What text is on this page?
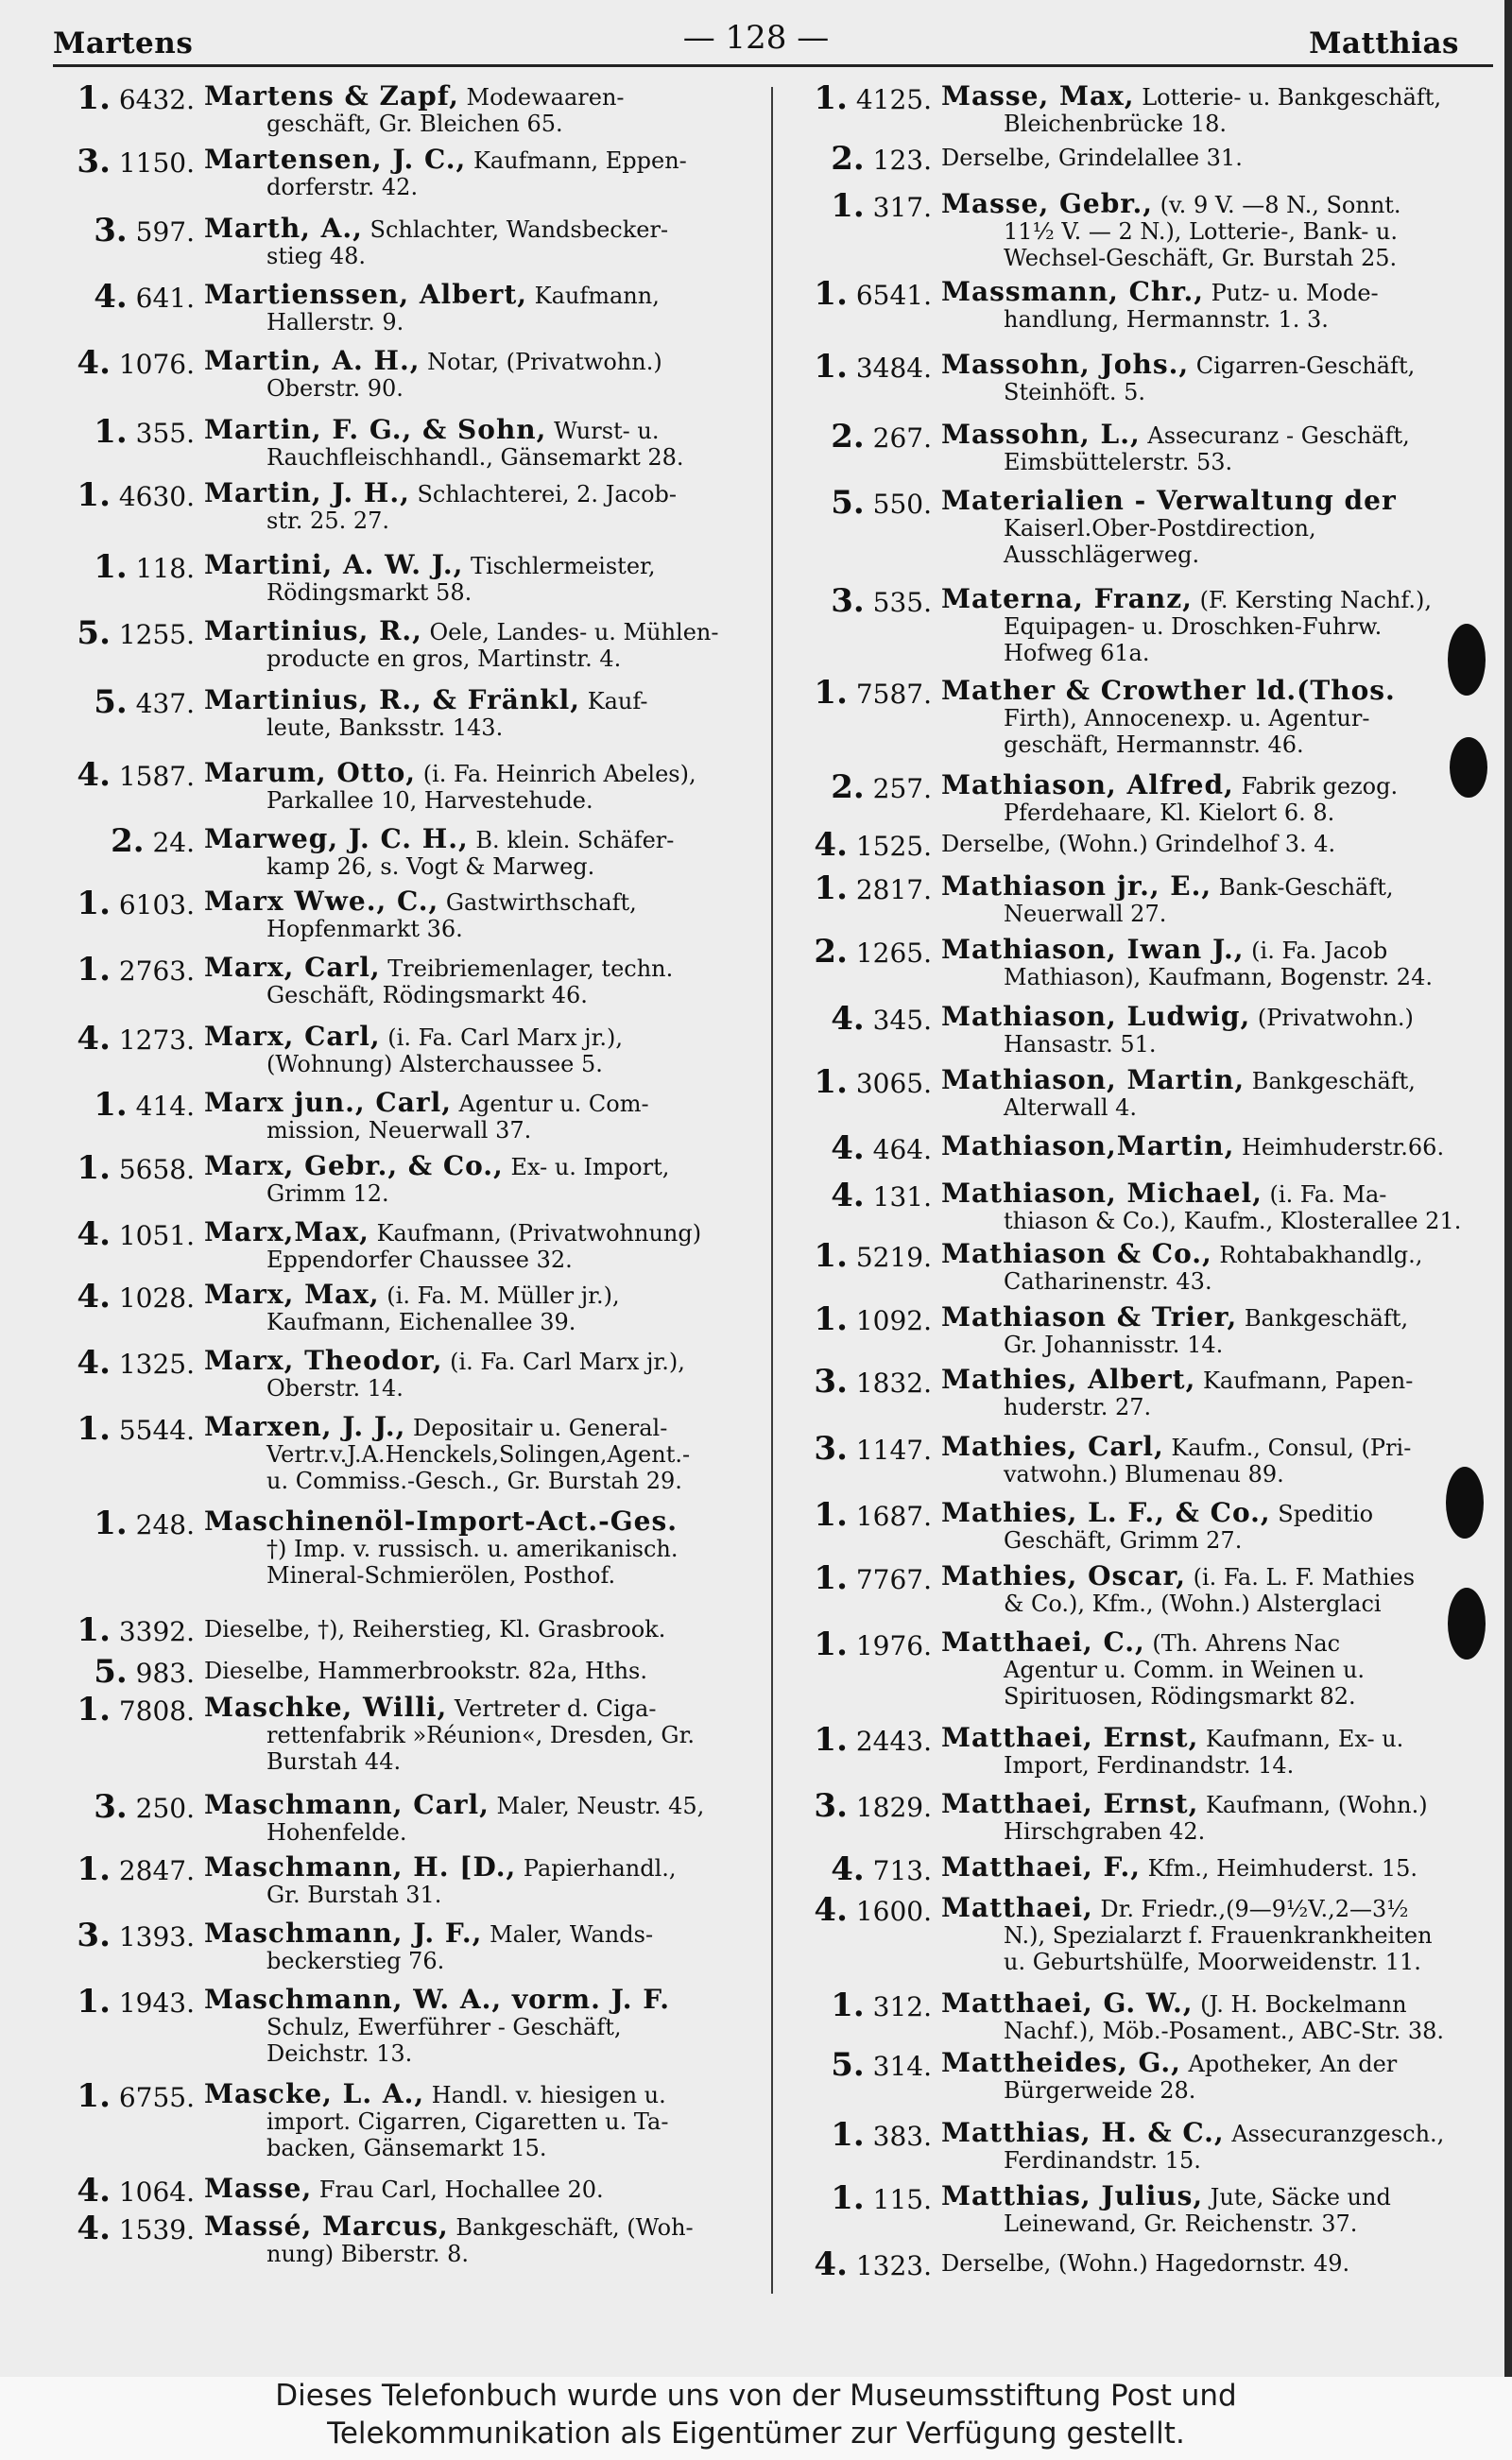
Martens	— 128 —	Matthias
1. 6432. Martens & Zapf, Modewaaren-
geschäft, Gr. Bleichen 65.
3. 1150. Martensen, J. C., Kaufmann, Eppen-
dorferstr. 42.
3. 597. Marth, A., Schlachter, Wandsbecker-
stieg 48.
4. 641. Martienssen, Albert, Kaufmann,
Hallerstr. 9.
4. 1076. Martin, A. H., Notar, (Privatwohn.)
Oberstr. 90.
1. 355. Martin, F. G., & Sohn, Wurst- u.
Rauchfleischhandl., Gänsemarkt 28.
1. 4630. Martin, J. H., Schlachterei, 2. Jacob-
str. 25. 27.
1. 118. Martini, A. W. J., Tischlermeister,
Rödingsmarkt 58.
5. 1255. Martinius, R., Oele, Landes- u. Mühlen-
producte en gros, Martinstr. 4.
5. 437. Martinius, R., & Fränkl, Kauf-
leute, Banksstr. 143.
4. 1587. Marum, Otto, (i. Fa. Heinrich Abeles),
Parkallee 10, Harvestehude.
2. 24. Marweg, J. C. H., B. klein. Schäfer-
kamp 26, s. Vogt & Marweg.
1. 6103. Marx Wwe., C., Gastwirthschaft,
Hopfenmarkt 36.
1. 2763. Marx, Carl, Treibriemenlager, techn.
Geschäft, Rödingsmarkt 46.
4. 1273. Marx, Carl, (i. Fa. Carl Marx jr.),
(Wohnung) Alsterchaussee 5.
1. 414. Marx jun., Carl, Agentur u. Com-
mission, Neuerwall 37.
1. 5658. Marx, Gebr., & Co., Ex- u. Import,
Grimm 12.
4. 1051. Marx,Max, Kaufmann, (Privatwohnung)
Eppendorfer Chaussee 32.
4. 1028. Marx, Max, (i. Fa. M. Müller jr.),
Kaufmann, Eichenallee 39.
4. 1325. Marx, Theodor, (i. Fa. Carl Marx jr.),
Oberstr. 14.
1. 5544. Marxen, J. J., Depositair u. General-
Vertr.v.J.A.Henckels,Solingen,Agent.-
u. Commiss.-Gesch., Gr. Burstah 29.
1. 248. Maschinenöl-Import-Act.-Ges.
†) Imp. v. russisch. u. amerikanisch.
Mineral-Schmierölen, Posthof.
1. 3392. Dieselbe, †), Reiherstieg, Kl. Grasbrook.
5. 983. Dieselbe, Hammerbrookstr. 82a, Hths.
1. 7808. Maschke, Willi, Vertreter d. Ciga-
rettenfabrik »Réunion«, Dresden, Gr.
Burstah 44.
3. 250. Maschmann, Carl, Maler, Neustr. 45,
Hohenfelde.
1. 2847. Maschmann, H. [D., Papierhandl.,
Gr. Burstah 31.
3. 1393. Maschmann, J. F., Maler, Wands-
beckerstieg 76.
1. 1943. Maschmann, W. A., vorm. J. F.
Schulz, Ewerführer - Geschäft,
Deichstr. 13.
1. 6755. Mascke, L. A., Handl. v. hiesigen u.
import. Cigarren, Cigaretten u. Ta-
backen, Gänsemarkt 15.
4. 1064. Masse, Frau Carl, Hochallee 20.
4. 1539. Massé, Marcus, Bankgeschäft, (Woh-
nung) Biberstr. 8.
1. 4125. Masse, Max, Lotterie- u. Bankgeschäft,
Bleichenbrücke 18.
2. 123. Derselbe, Grindelallee 31.
1. 317. Masse, Gebr., (v. 9 V. —8 N., Sonnt.
11½ V. — 2 N.), Lotterie-, Bank- u.
Wechsel-Geschäft, Gr. Burstah 25.
1. 6541. Massmann, Chr., Putz- u. Mode-
handlung, Hermannstr. 1. 3.
1. 3484. Massohn, Johs., Cigarren-Geschäft,
Steinhöft. 5.
2. 267. Massohn, L., Assecuranz - Geschäft,
Eimsbüttelerstr. 53.
5. 550. Materialien - Verwaltung der
Kaiserl.Ober-Postdirection,
Ausschlägerweg.
3. 535. Materna, Franz, (F. Kersting Nachf.),
Equipagen- u. Droschken-Fuhrw.
Hofweg 61a.
1. 7587. Mather & Crowther ld.(Thos.
Firth), Annocenexp. u. Agentur-
geschäft, Hermannstr. 46.
2. 257. Mathiason, Alfred, Fabrik gezog.
Pferdehaare, Kl. Kielort 6. 8.
4. 1525. Derselbe, (Wohn.) Grindelhof 3. 4.
1. 2817. Mathiason jr., E., Bank-Geschäft,
Neuerwall 27.
2. 1265. Mathiason, Iwan J., (i. Fa. Jacob
Mathiason), Kaufmann, Bogenstr. 24.
4. 345. Mathiason, Ludwig, (Privatwohn.)
Hansastr. 51.
1. 3065. Mathiason, Martin, Bankgeschäft,
Alterwall 4.
4. 464. Mathiason,Martin, Heimhuderstr.66.
4. 131. Mathiason, Michael, (i. Fa. Ma-
thiason & Co.), Kaufm., Klosterallee 21.
1. 5219. Mathiason & Co., Rohtabakhandlg.,
Catharinenstr. 43.
1. 1092. Mathiason & Trier, Bankgeschäft,
Gr. Johannisstr. 14.
3. 1832. Mathies, Albert, Kaufmann, Papen-
huderstr. 27.
3. 1147. Mathies, Carl, Kaufm., Consul, (Pri-
vatwohn.) Blumenau 89.
1. 1687. Mathies, L. F., & Co., Speditio
Geschäft, Grimm 27.
1. 7767. Mathies, Oscar, (i. Fa. L. F. Mathies
& Co.), Kfm., (Wohn.) Alsterglaci
1. 1976. Matthaei, C., (Th. Ahrens Nac
Agentur u. Comm. in Weinen u.
Spirituosen, Rödingsmarkt 82.
1. 2443. Matthaei, Ernst, Kaufmann, Ex- u.
Import, Ferdinandstr. 14.
3. 1829. Matthaei, Ernst, Kaufmann, (Wohn.)
Hirschgraben 42.
4. 713. Matthaei, F., Kfm., Heimhuderst. 15.
4. 1600. Matthaei, Dr. Friedr.,(9—9½V.,2—3½
N.), Spezialarzt f. Frauenkrankheiten
u. Geburtshülfe, Moorweidenstr. 11.
1. 312. Matthaei, G. W., (J. H. Bockelmann
Nachf.), Möb.-Posament., ABC-Str. 38.
5. 314. Mattheides, G., Apotheker, An der
Bürgerweide 28.
1. 383. Matthias, H. & C., Assecuranzgesch.,
Ferdinandstr. 15.
1. 115. Matthias, Julius, Jute, Säcke und
Leinewand, Gr. Reichenstr. 37.
4. 1323. Derselbe, (Wohn.) Hagedornstr. 49.
Dieses Telefonbuch wurde uns von der Museumsstiftung Post und
Telekommunikation als Eigentümer zur Verfügung gestellt.
